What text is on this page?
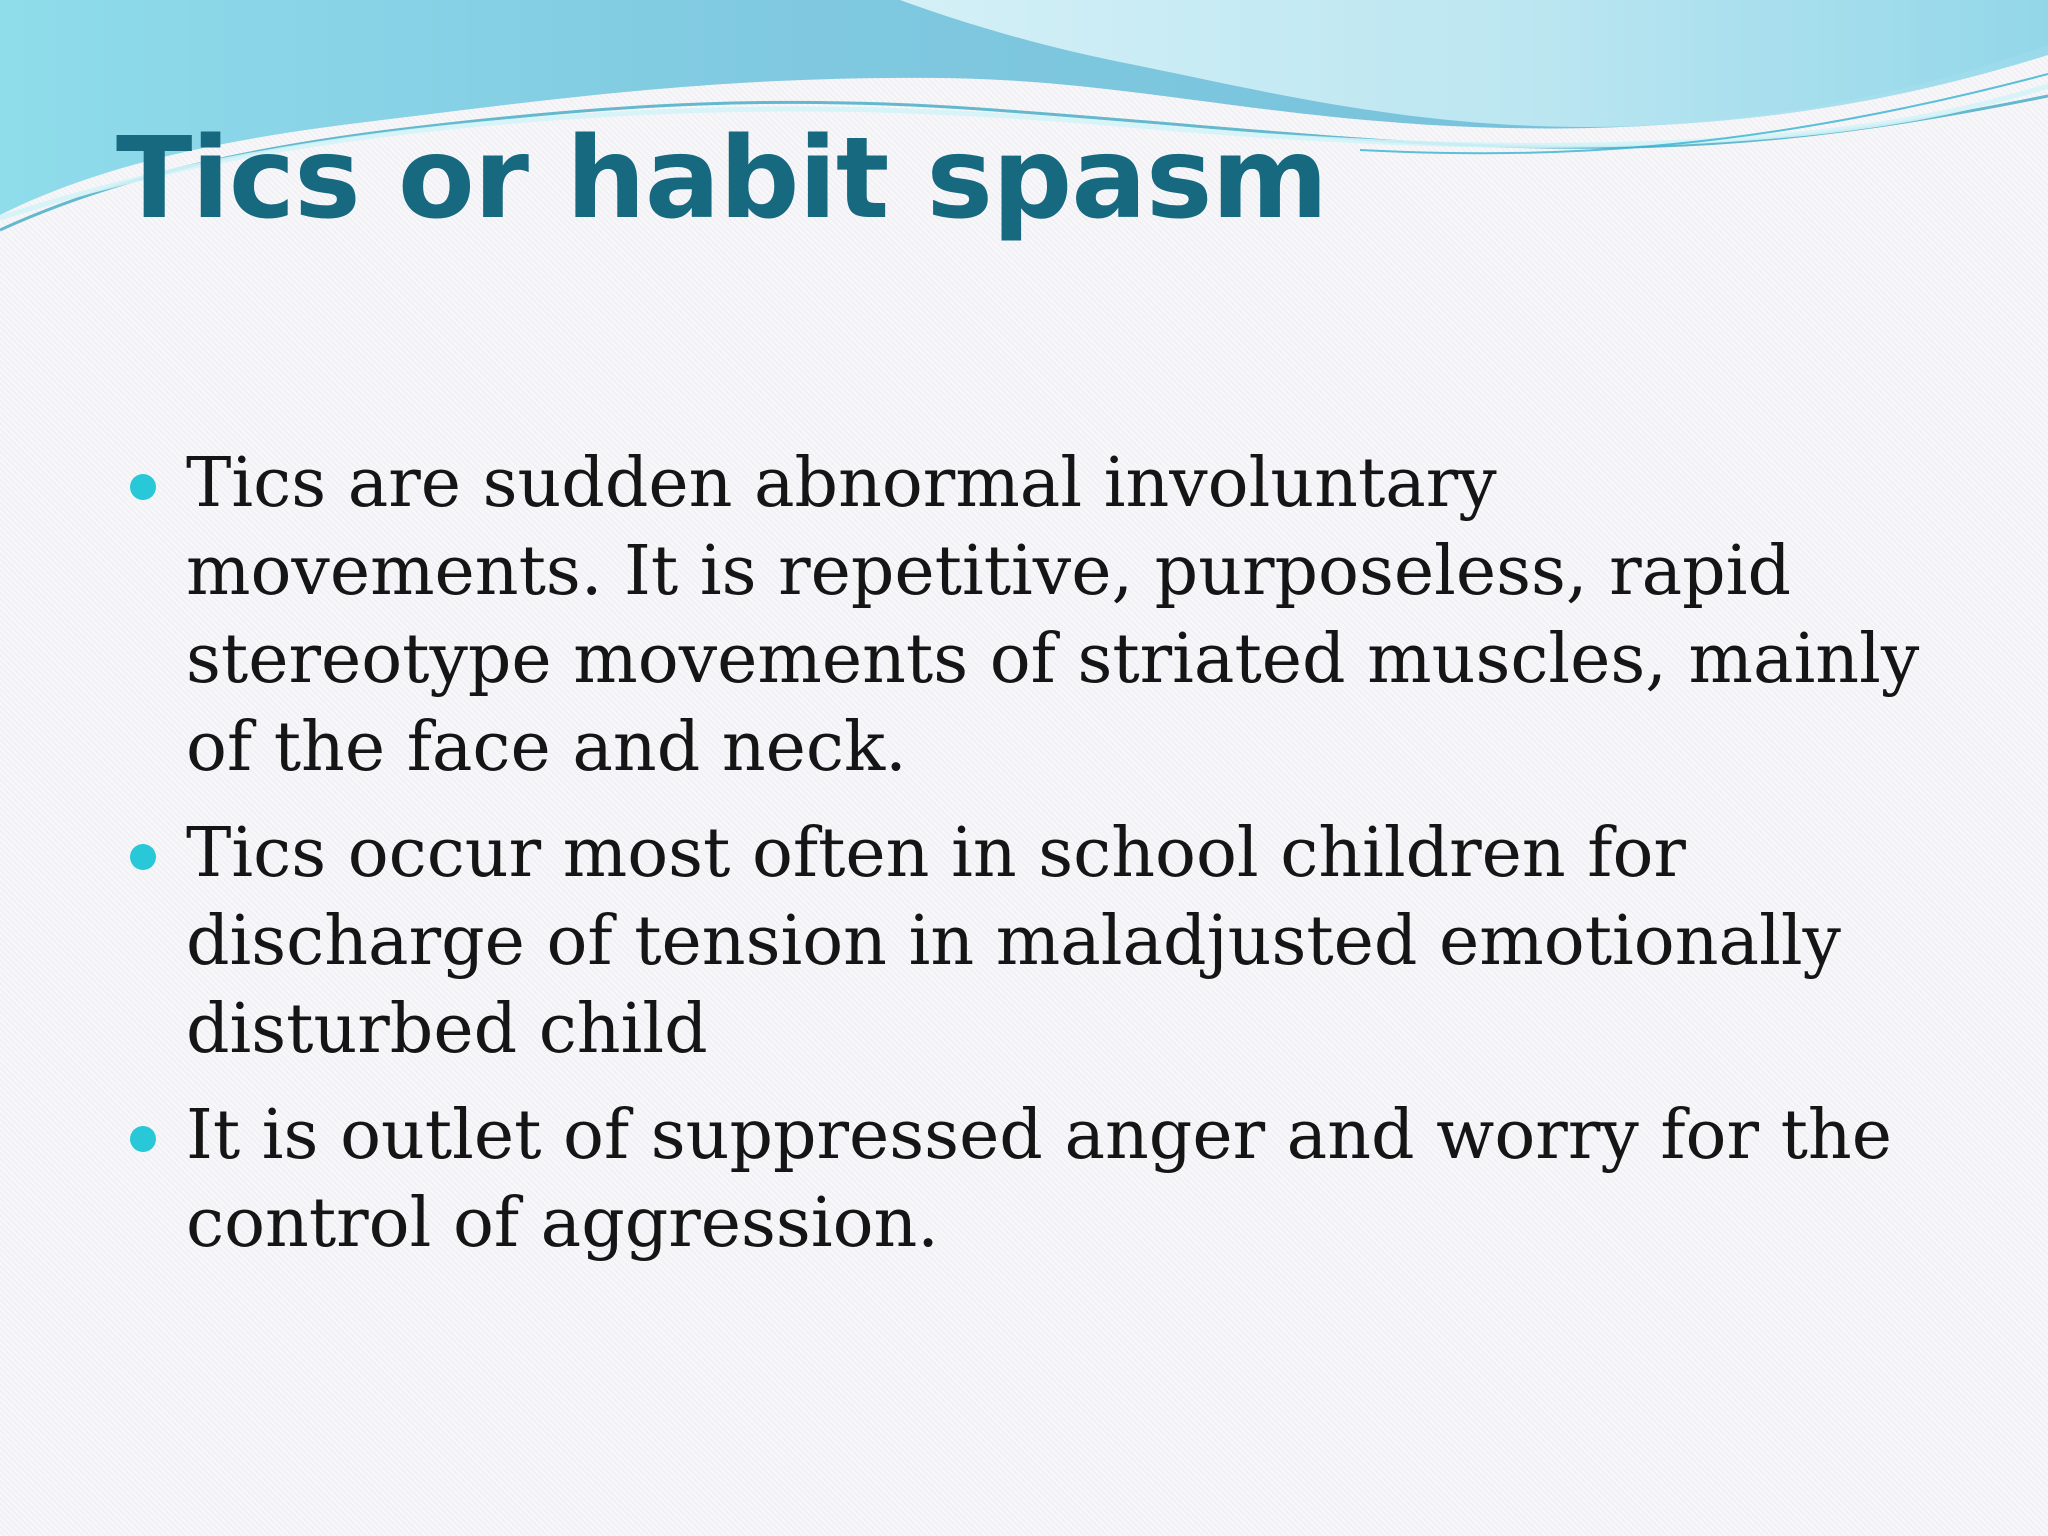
Tics or habit spasm
Tics are sudden abnormal involuntary movements. It is repetitive, purposeless, rapid stereotype movements of striated muscles, mainly of the face and neck.
Tics occur most often in school children for discharge of tension in maladjusted emotionally disturbed child
It is outlet of suppressed anger and worry for the control of aggression.
